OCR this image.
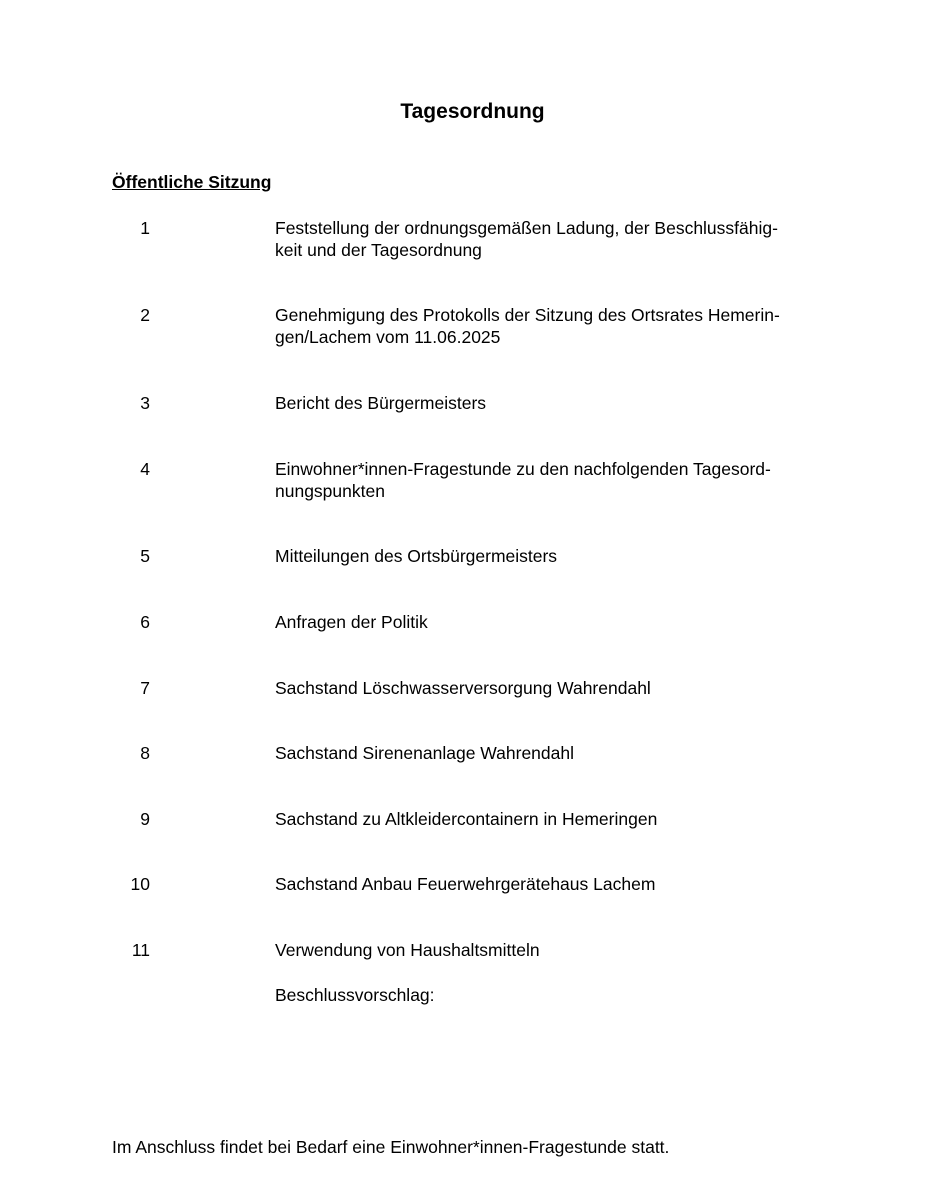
Tagesordnung
Öffentliche Sitzung
1	Feststellung der ordnungsgemäßen Ladung, der Beschlussfähig-
keit und der Tagesordnung
2	Genehmigung des Protokolls der Sitzung des Ortsrates Hemerin-
gen/Lachem vom 11.06.2025
3	Bericht des Bürgermeisters
4	Einwohner*innen-Fragestunde zu den nachfolgenden Tagesord-
nungspunkten
5	Mitteilungen des Ortsbürgermeisters
6	Anfragen der Politik
7	Sachstand Löschwasserversorgung Wahrendahl
8	Sachstand Sirenenanlage Wahrendahl
9	Sachstand zu Altkleidercontainern in Hemeringen
10	Sachstand Anbau Feuerwehrgerätehaus Lachem
11	Verwendung von Haushaltsmitteln
Beschlussvorschlag:
Im Anschluss findet bei Bedarf eine Einwohner*innen-Fragestunde statt.
